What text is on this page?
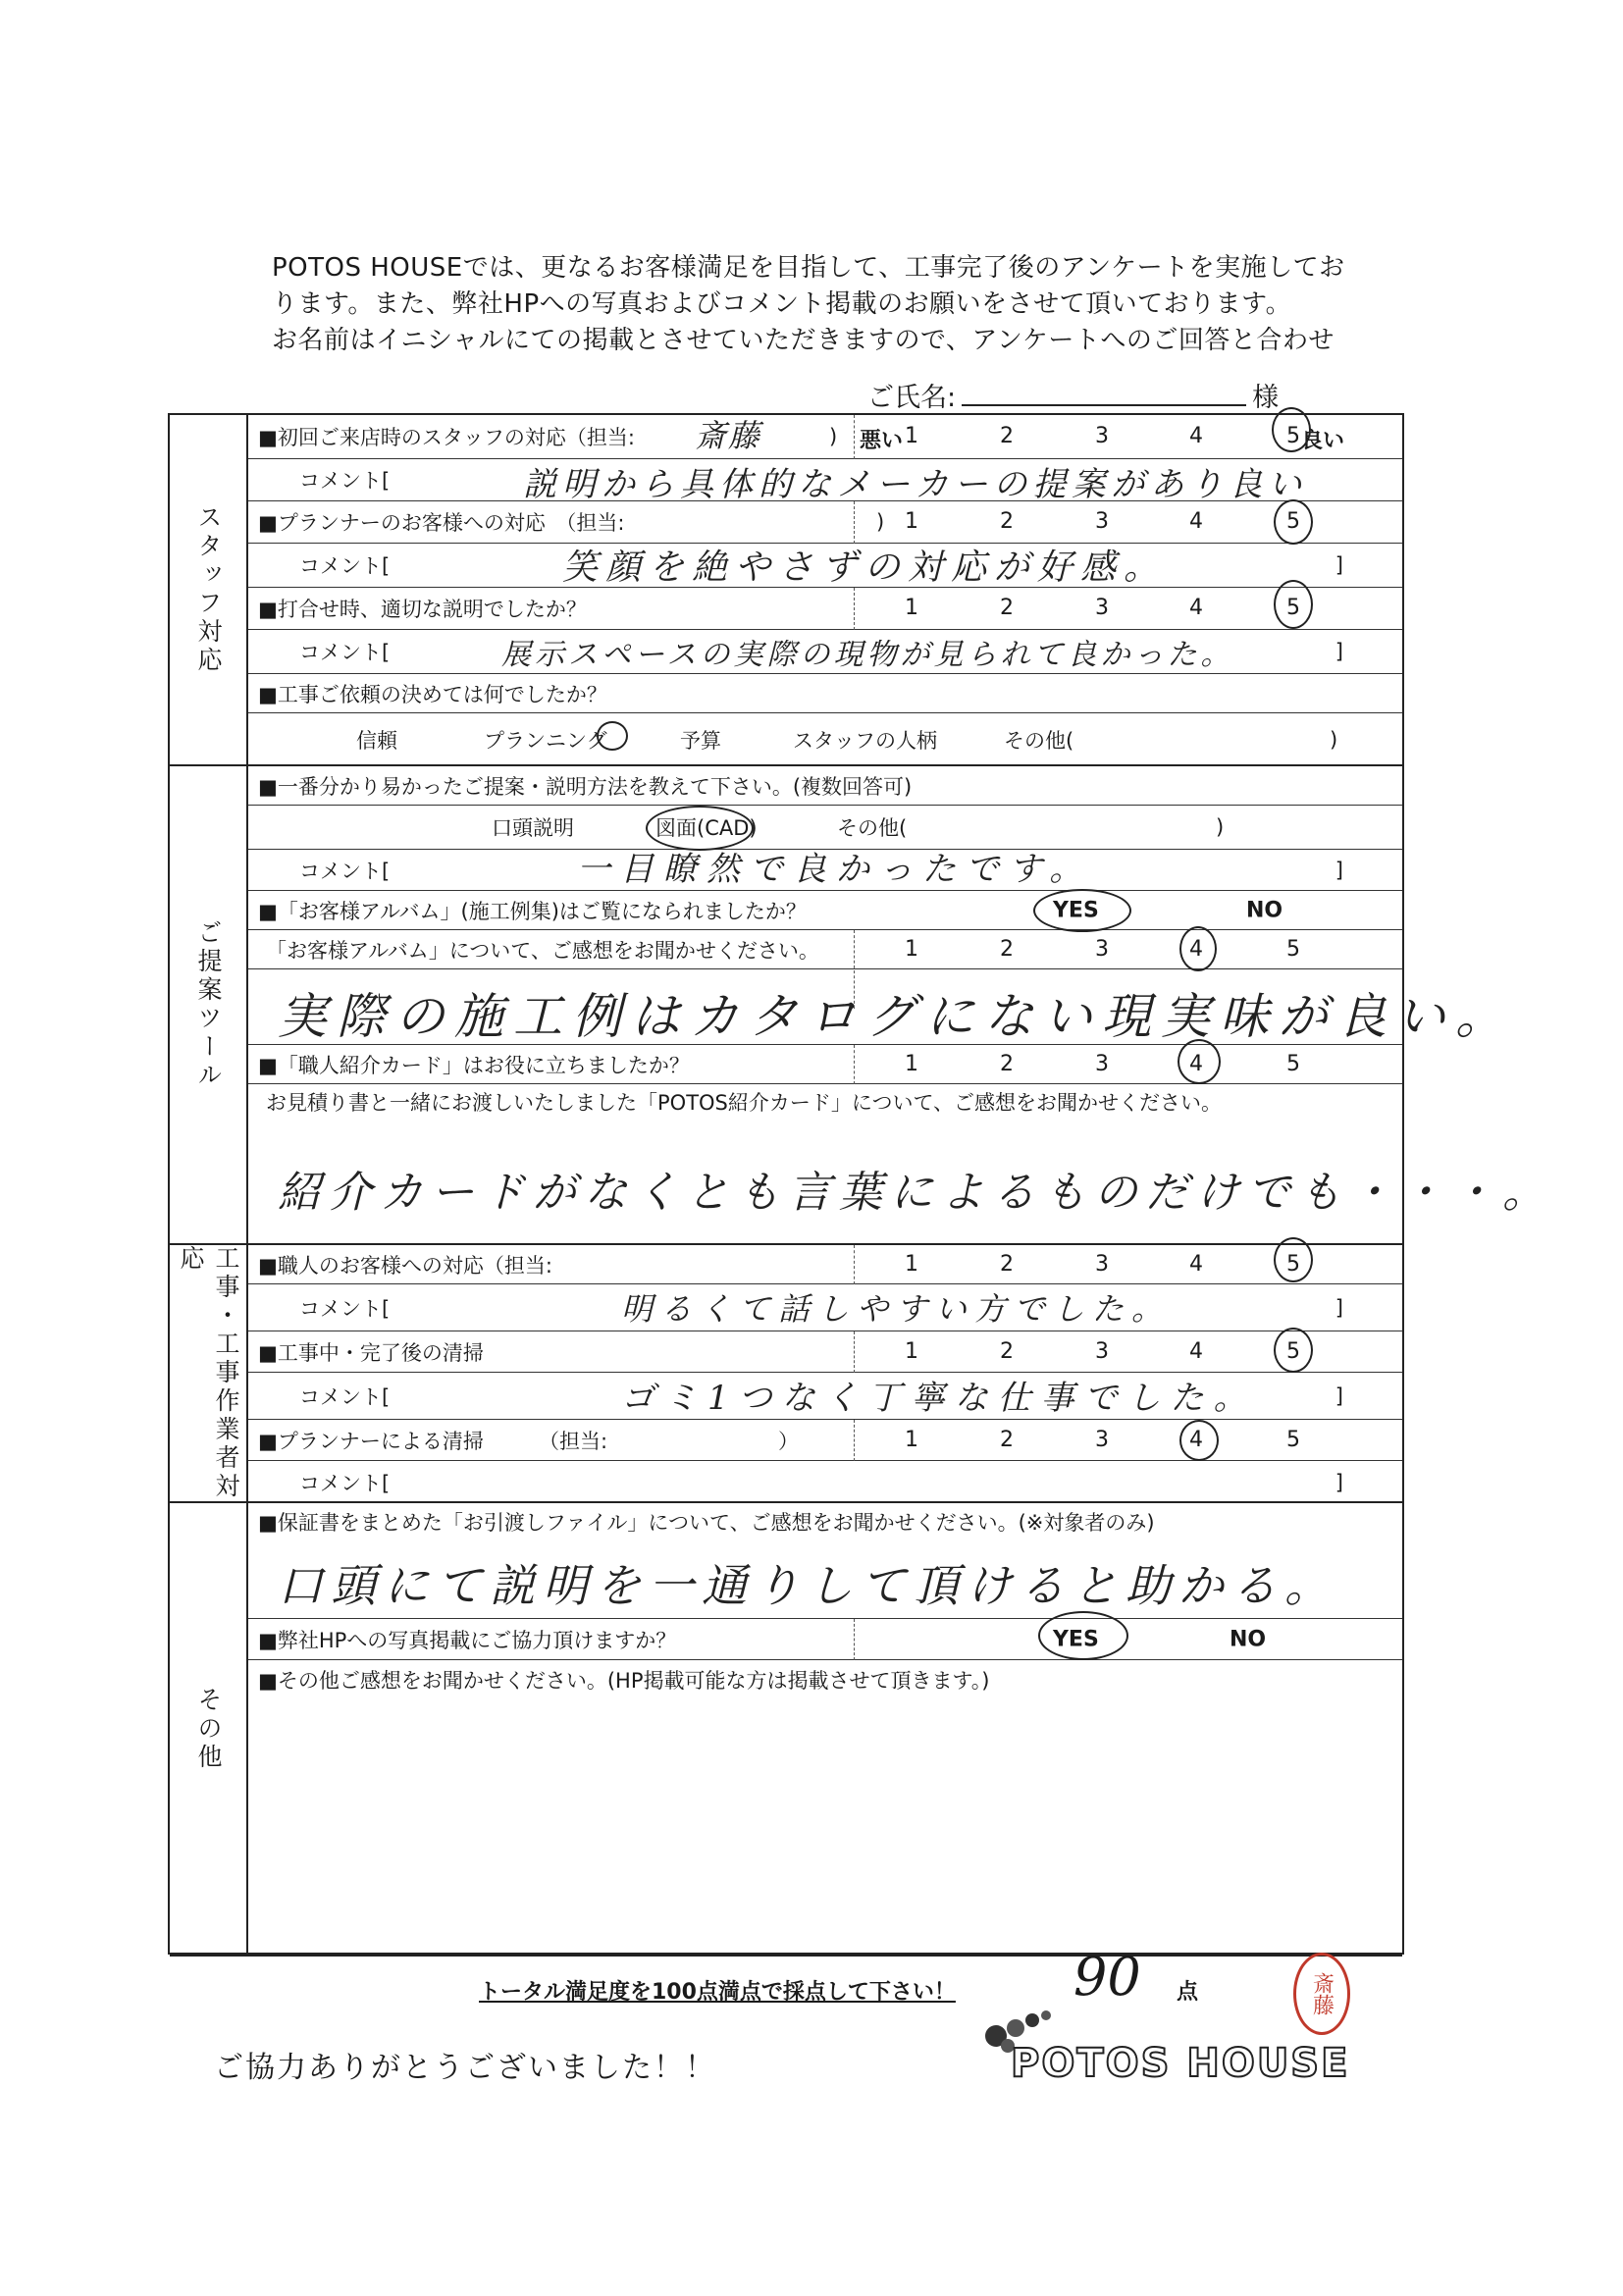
POTOS HOUSEでは、更なるお客様満足を目指して、工事完了後のアンケートを実施してお
ります。また、弊社HPへの写真およびコメント掲載のお願いをさせて頂いております。
お名前はイニシャルにての掲載とさせていただきますので、アンケートへのご回答と合わせ
ご氏名:	様
スタッフ対応
■初回ご来店時のスタッフの対応（担当: 斎藤	) 悪い 1	2	3	4	5 良い
コメント[	説明から具体的なメーカーの提案があり良い
■プランナーのお客様への対応　（担当:	) 1	2	3	4	5
コメント[	笑顔を絶やさずの対応が好感。	]
■打合せ時、適切な説明でしたか？	1	2	3	4	5
コメント[	展示スペースの実際の現物が見られて良かった。	]
■工事ご依頼の決めては何でしたか？
信頼	プランニング	予算	スタッフの人柄	その他(	)
ご提案ツール
■一番分かり易かったご提案・説明方法を教えて下さい。(複数回答可)
口頭説明	図面(CAD)	その他(	)
コメント[	一目瞭然で良かったです。	]
■「お客様アルバム」(施工例集)はご覧になられましたか？	YES	NO
「お客様アルバム」について、ご感想をお聞かせください。	1	2	3	4	5
実際の施工例はカタログにない現実味が良い。
■「職人紹介カード」はお役に立ちましたか？	1	2	3	4	5
お見積り書と一緒にお渡しいたしました「POTOS紹介カード」について、ご感想をお聞かせください。
紹介カードがなくとも言葉によるものだけでも・・・。
工事・工事作業者対応	■職人のお客様への対応（担当:	1	2	3	4	5
コメント[	明るくて話しやすい方でした。	]
■工事中・完了後の清掃	1	2	3	4	5
コメント[	ゴミ1つなく丁寧な仕事でした。	]
■プランナーによる清掃	（担当:	）	1	2	3	4	5
コメント[	]
その他
■保証書をまとめた「お引渡しファイル」について、ご感想をお聞かせください。(※対象者のみ)
口頭にて説明を一通りして頂けると助かる。
■弊社HPへの写真掲載にご協力頂けますか？	YES	NO
■その他ご感想をお聞かせください。(HP掲載可能な方は掲載させて頂きます。)
トータル満足度を100点満点で採点して下さい！ 90 点	斎藤
ご協力ありがとうございました！！	POTOS HOUSE
